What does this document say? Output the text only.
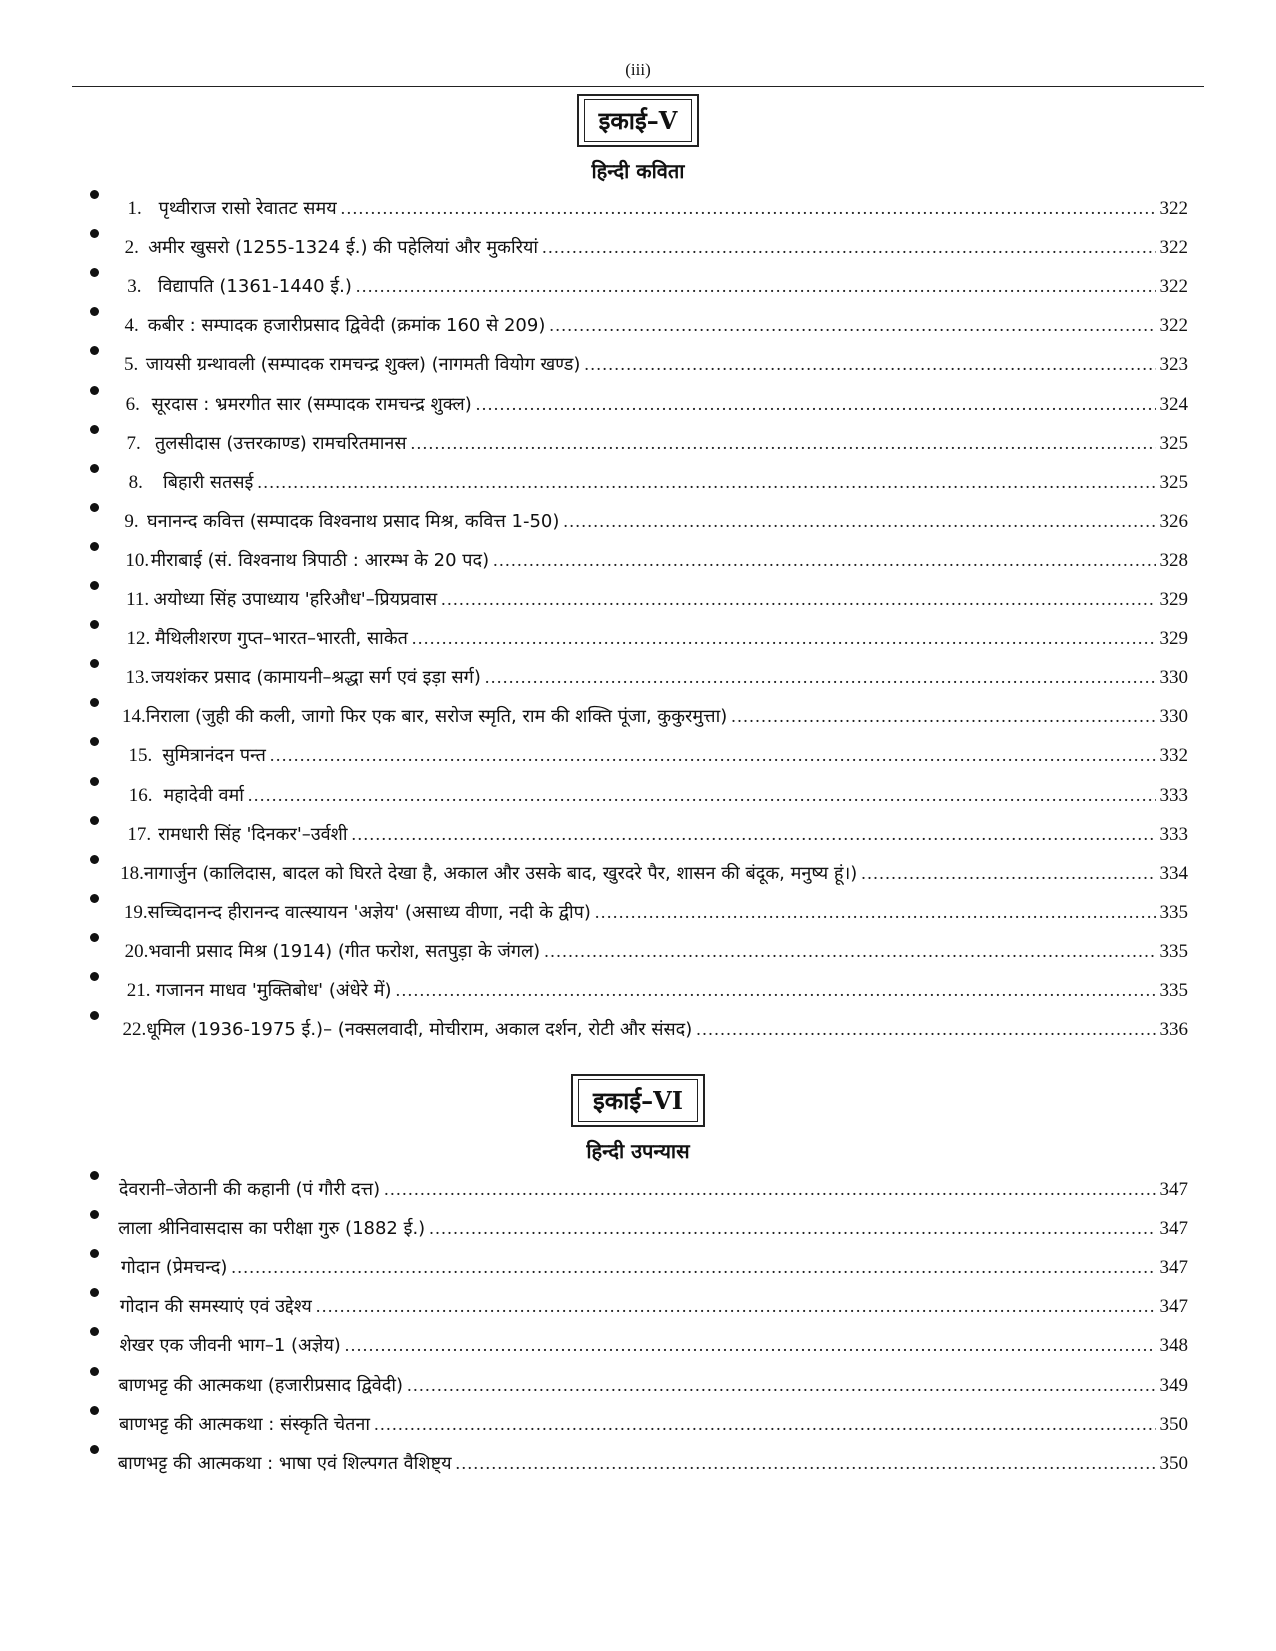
(iii)
इकाई–V
हिन्दी कविता
1. पृथ्वीराज रासो रेवातट समय . . .	322
2. अमीर खुसरो (1255-1324 ई.) की पहेलियां और मुकरियां . . .	322
3. विद्यापति (1361-1440 ई.) . . .	322
4. कबीर : सम्पादक हजारीप्रसाद द्विवेदी (क्रमांक 160 से 209) . . .	322
5. जायसी ग्रन्थावली (सम्पादक रामचन्द्र शुक्ल) (नागमती वियोग खण्ड) . . .	323
6. सूरदास : भ्रमरगीत सार (सम्पादक रामचन्द्र शुक्ल) . . .	324
7. तुलसीदास (उत्तरकाण्ड) रामचरितमानस . . .	325
8.	बिहारी सतसई . . .	325
9. घनानन्द कवित्त (सम्पादक विश्वनाथ प्रसाद मिश्र, कवित्त 1-50) . . .	326
10. मीराबाई (सं. विश्वनाथ त्रिपाठी : आरम्भ के 20 पद) . . .	328
11. अयोध्या सिंह उपाध्याय 'हरिऔध'–प्रियप्रवास . . .	329
12. मैथिलीशरण गुप्त–भारत–भारती, साकेत . . .	329
13. जयशंकर प्रसाद (कामायनी–श्रद्धा सर्ग एवं इड़ा सर्ग) . . .	330
14. निराला (जुही की कली, जागो फिर एक बार, सरोज स्मृति, राम की शक्ति पूंजा, कुकुरमुत्ता) . . .	330
15. सुमित्रानंदन पन्त . . .	332
16. महादेवी वर्मा . . .	333
17. रामधारी सिंह 'दिनकर'–उर्वशी . . .	333
18. नागार्जुन (कालिदास, बादल को घिरते देखा है, अकाल और उसके बाद, खुरदरे पैर, शासन की बंदूक, मनुष्य हूं।) . . .	334
19. सच्चिदानन्द हीरानन्द वात्स्यायन 'अज्ञेय' (असाध्य वीणा, नदी के द्वीप) . . .	335
20. भवानी प्रसाद मिश्र (1914) (गीत फरोश, सतपुड़ा के जंगल) . . .	335
21. गजानन माधव 'मुक्तिबोध' (अंधेरे में) . . .	335
22. धूमिल (1936-1975 ई.)– (नक्सलवादी, मोचीराम, अकाल दर्शन, रोटी और संसद) . . .	336
इकाई–VI
हिन्दी उपन्यास
देवरानी–जेठानी की कहानी (पं गौरी दत्त) . . .	347
लाला श्रीनिवासदास का परीक्षा गुरु (1882 ई.) . . .	347
गोदान (प्रेमचन्द) . . .	347
गोदान की समस्याएं एवं उद्देश्य . . .	347
शेखर एक जीवनी भाग–1 (अज्ञेय) . . .	348
बाणभट्ट की आत्मकथा (हजारीप्रसाद द्विवेदी) . . .	349
बाणभट्ट की आत्मकथा : संस्कृति चेतना . . .	350
बाणभट्ट की आत्मकथा : भाषा एवं शिल्पगत वैशिष्ट्य . . .	350
